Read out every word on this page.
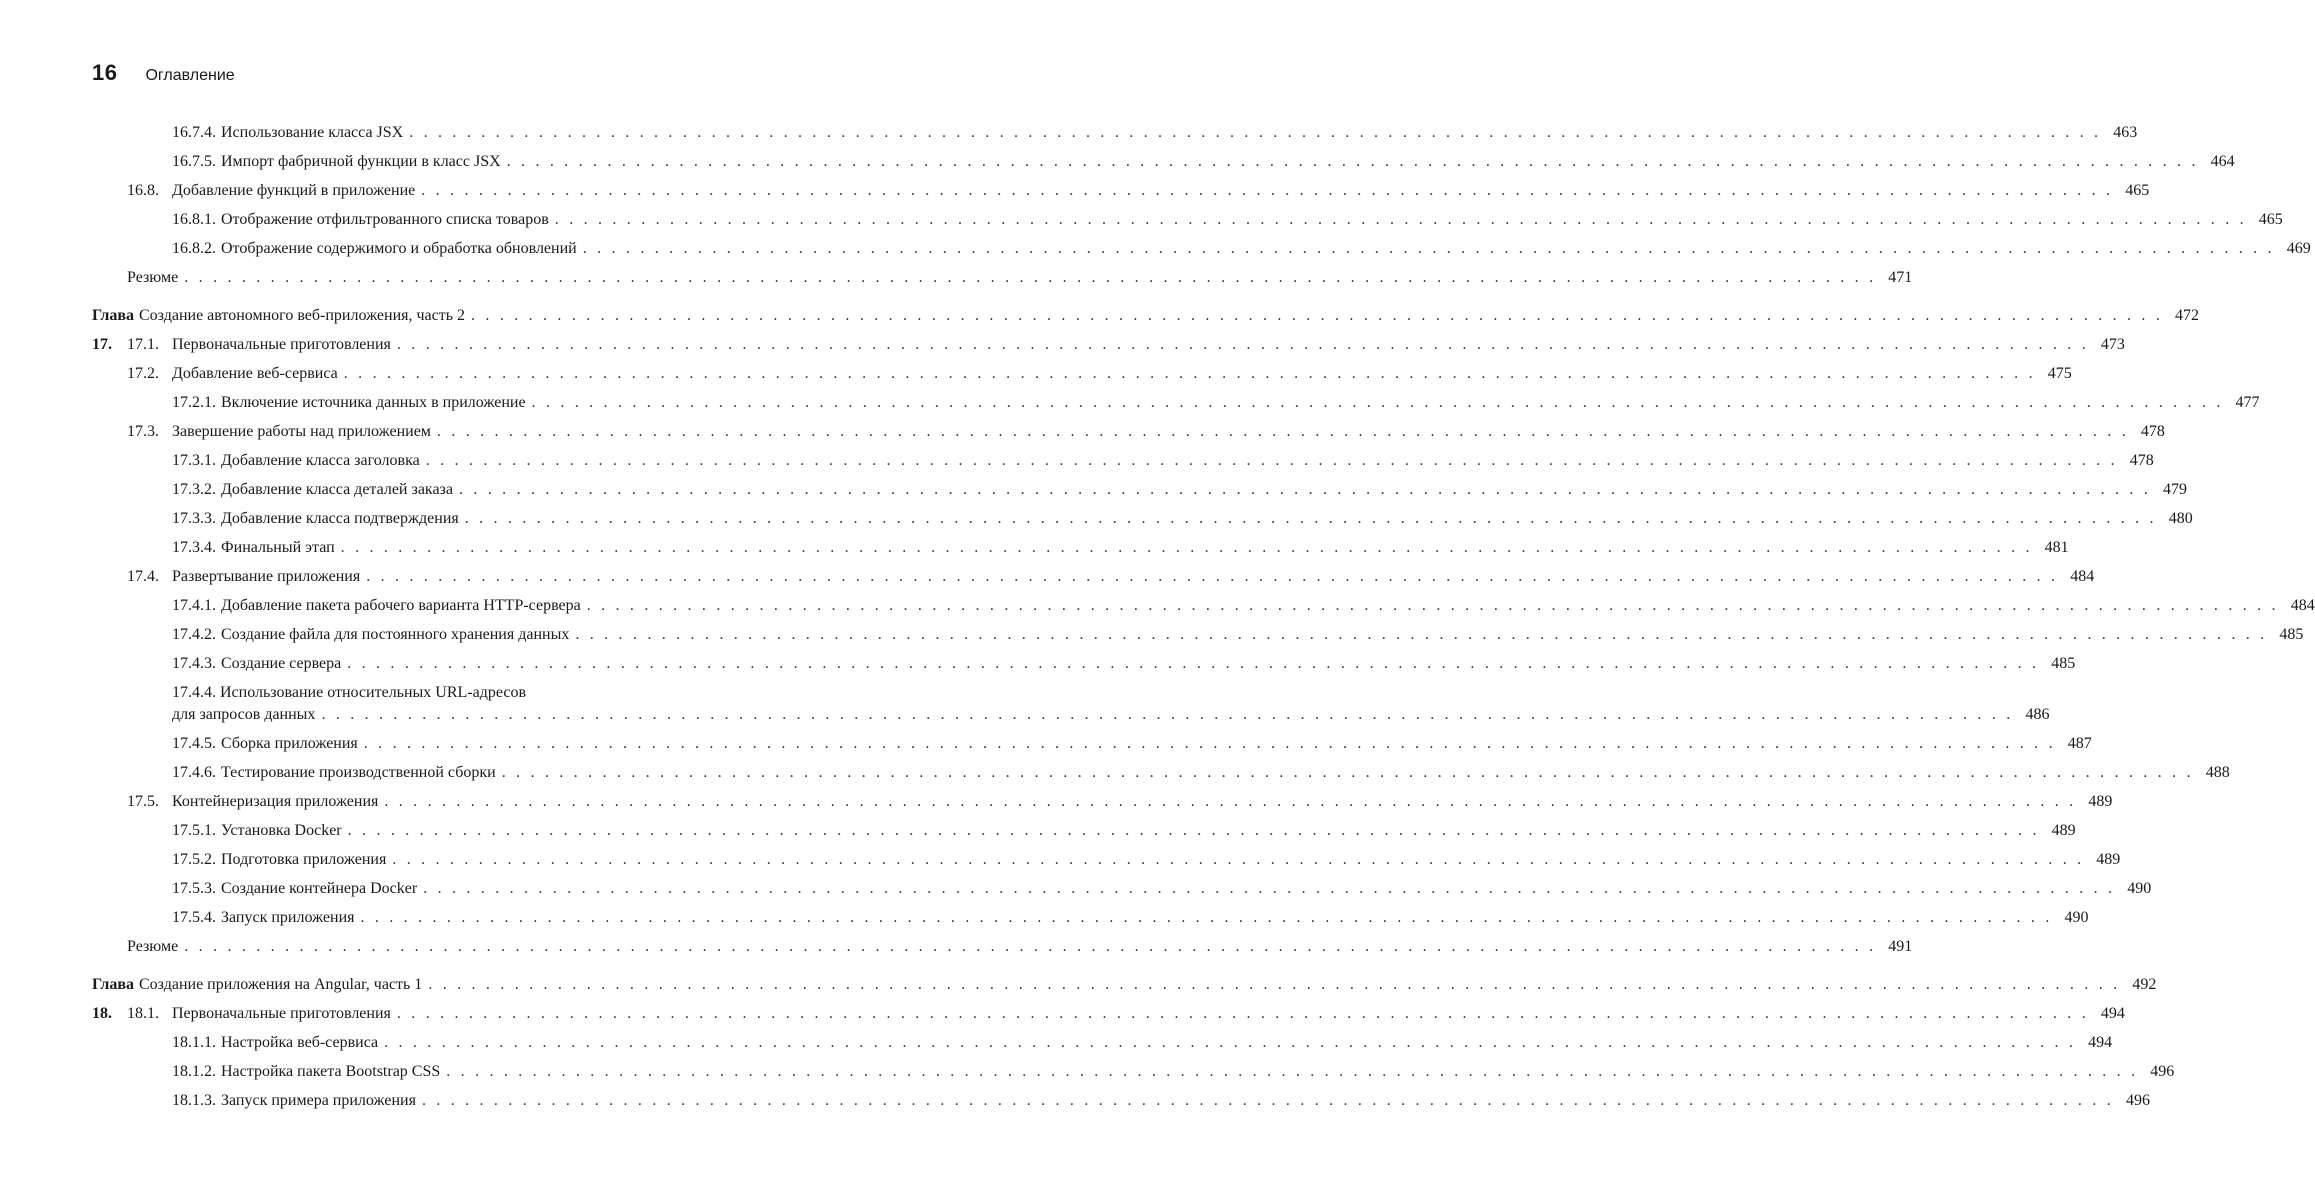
16 Оглавление
16.7.4. Использование класса JSX . . .	463
16.7.5. Импорт фабричной функции в класс JSX . . .	464
16.8. Добавление функций в приложение . . .	465
16.8.1. Отображение отфильтрованного списка товаров . . .	465
16.8.2. Отображение содержимого и обработка обновлений . . .	469
Резюме . . .	471
Глава 17.
Создание автономного веб-приложения, часть 2 . . .	472
17.1. Первоначальные приготовления . . .	473
17.2. Добавление веб-сервиса . . .	475
17.2.1. Включение источника данных в приложение . . .	477
17.3. Завершение работы над приложением . . .	478
17.3.1. Добавление класса заголовка . . .	478
17.3.2. Добавление класса деталей заказа . . .	479
17.3.3. Добавление класса подтверждения . . .	480
17.3.4. Финальный этап . . .	481
17.4. Развертывание приложения . . .	484
17.4.1. Добавление пакета рабочего варианта HTTP-сервера . . .	484
17.4.2. Создание файла для постоянного хранения данных . . .	485
17.4.3. Создание сервера . . .	485
17.4.4. Использование относительных URL-адресов
для запросов данных . . .	486
17.4.5. Сборка приложения . . .	487
17.4.6. Тестирование производственной сборки . . .	488
17.5. Контейнеризация приложения . . .	489
17.5.1. Установка Docker . . .	489
17.5.2. Подготовка приложения . . .	489
17.5.3. Создание контейнера Docker . . .	490
17.5.4. Запуск приложения . . .	490
Резюме . . .	491
Глава 18.
Создание приложения на Angular, часть 1 . . .	492
18.1. Первоначальные приготовления . . .	494
18.1.1. Настройка веб-сервиса . . .	494
18.1.2. Настройка пакета Bootstrap CSS . . .	496
18.1.3. Запуск примера приложения . . .	496
